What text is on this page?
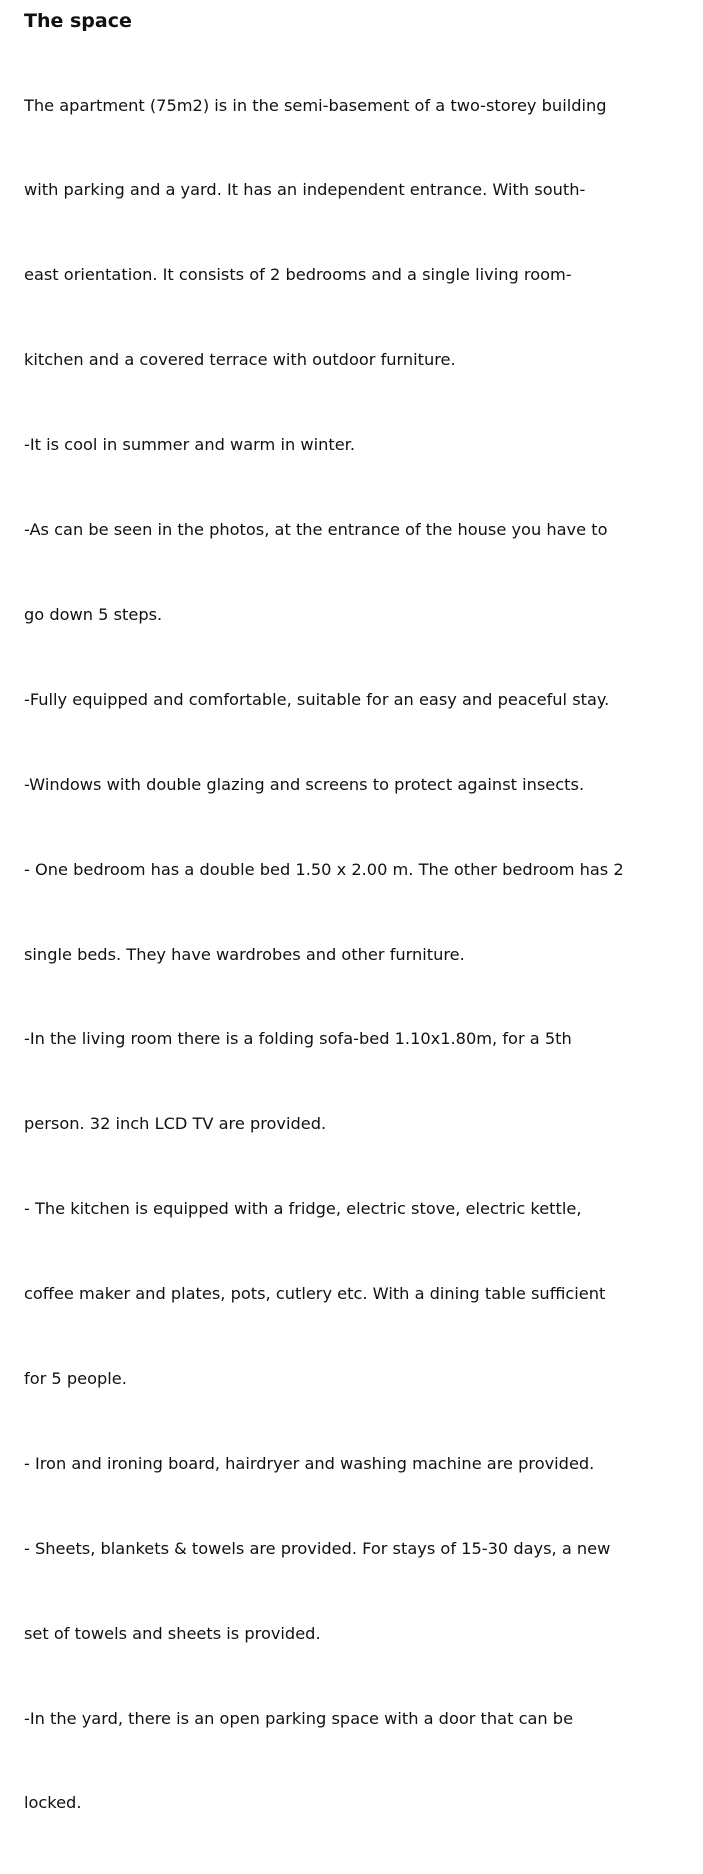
The space

The apartment (75m2) is in the semi-basement of a two-storey building

with parking and a yard. It has an independent entrance. With south-

east orientation. It consists of 2 bedrooms and a single living room-

kitchen and a covered terrace with outdoor furniture.

-It is cool in summer and warm in winter.

-As can be seen in the photos, at the entrance of the house you have to

go down 5 steps.

-Fully equipped and comfortable, suitable for an easy and peaceful stay.

-Windows with double glazing and screens to protect against insects.

- One bedroom has a double bed 1.50 x 2.00 m. The other bedroom has 2

single beds. They have wardrobes and other furniture.

-In the living room there is a folding sofa-bed 1.10x1.80m, for a 5th

person. 32 inch LCD TV are provided.

- The kitchen is equipped with a fridge, electric stove, electric kettle,

coffee maker and plates, pots, cutlery etc. With a dining table sufficient

for 5 people.

- Iron and ironing board, hairdryer and washing machine are provided.

- Sheets, blankets & towels are provided. For stays of 15-30 days, a new

set of towels and sheets is provided.

-In the yard, there is an open parking space with a door that can be

locked.
